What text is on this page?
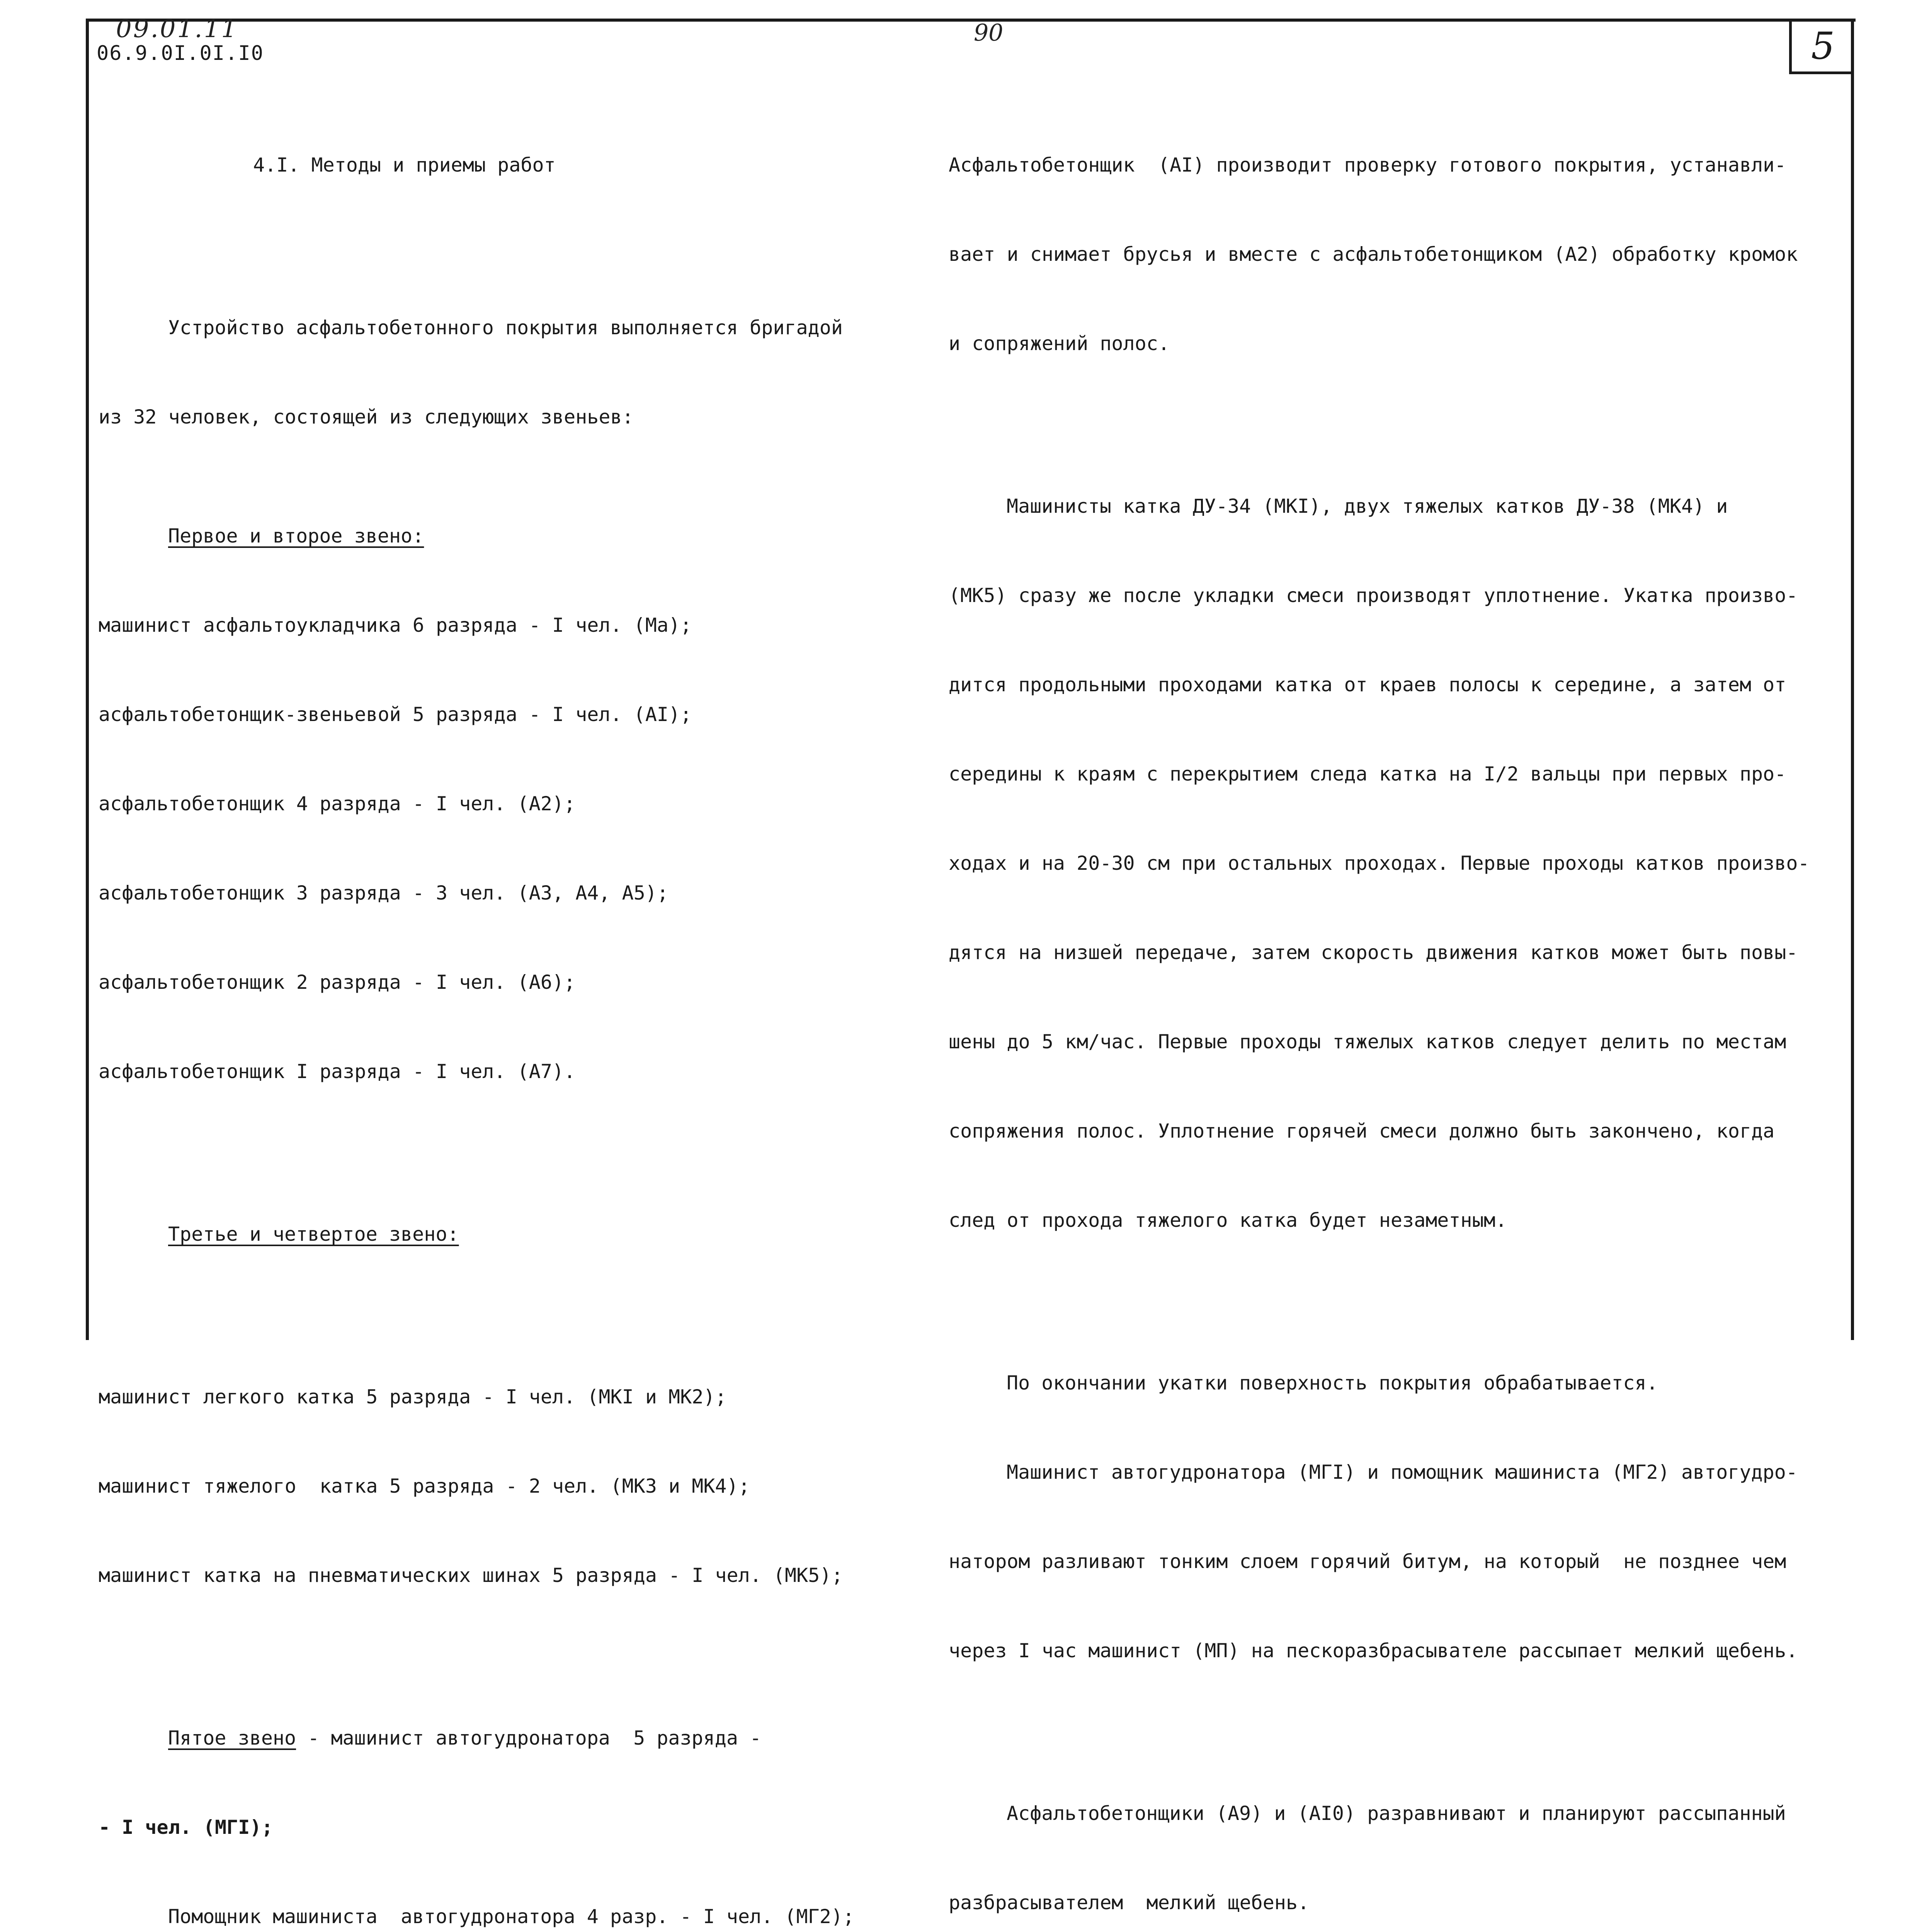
09.01.11
06.9.0I.0I.I0
90	5

4.I. Методы и приемы работ

Устройство асфальтобетонного покрытия выполняется бригадой

из 32 человек, состоящей из следующих звеньев:

Первое и второе звено:

машинист асфальтоукладчика 6 разряда - I чел. (Ма);

асфальтобетонщик-звеньевой 5 разряда - I чел. (АI);

асфальтобетонщик 4 разряда - I чел. (А2);

асфальтобетонщик 3 разряда - 3 чел. (А3, А4, А5);

асфальтобетонщик 2 разряда - I чел. (А6);

асфальтобетонщик I разряда - I чел. (А7).

Третье и четвертое звено:

машинист легкого катка 5 разряда - I чел. (МКI и МК2);

машинист тяжелого  катка 5 разряда - 2 чел. (МК3 и МК4);

машинист катка на пневматических шинах 5 разряда - I чел. (МК5);

Пятое звено - машинист автогудронатора  5 разряда -

- I чел. (МГI);

Помощник машиниста  автогудронатора 4 разр. - I чел. (МГ2);

Асфальтобетонщик  (АI) производит проверку готового покрытия, устанавли-

вает и снимает брусья и вместе с асфальтобетонщиком (А2) обработку кромок

и сопряжений полос.

Машинисты катка ДУ-34 (МКI), двух тяжелых катков ДУ-38 (МК4) и

(МК5) сразу же после укладки смеси производят уплотнение. Укатка произво-

дится продольными проходами катка от краев полосы к середине, а затем от

середины к краям с перекрытием следа катка на I/2 вальцы при первых про-

ходах и на 20-30 см при остальных проходах. Первые проходы катков произво-

дятся на низшей передаче, затем скорость движения катков может быть повы-

шены до 5 км/час. Первые проходы тяжелых катков следует делить по местам

сопряжения полос. Уплотнение горячей смеси должно быть закончено, когда

след от прохода тяжелого катка будет незаметным.

По окончании укатки поверхность покрытия обрабатывается.

Машинист автогудронатора (МГI) и помощник машиниста (МГ2) автогудро-

натором разливают тонким слоем горячий битум, на который  не позднее чем

через I час машинист (МП) на пескоразбрасывателе рассыпает мелкий щебень.

Асфальтобетонщики (А9) и (АI0) разравнивают и планируют рассыпанный

разбрасывателем  мелкий щебень.
